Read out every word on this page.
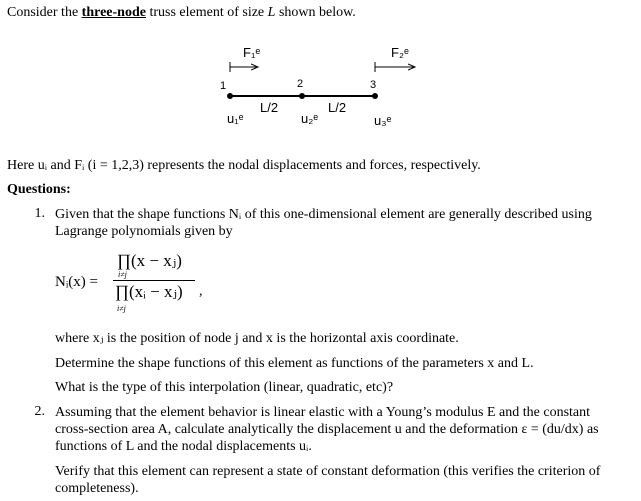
Consider the three-node truss element of size L shown below.
F₁ᵉ	F₂ᵉ
1	2	3
L/2	L/2
u₁ᵉ	u₂ᵉ	u₃ᵉ
Here uᵢ and Fᵢ (i = 1,2,3) represents the nodal displacements and forces, respectively.
Questions:
1. Given that the shape functions Nᵢ of this one-dimensional element are generally described using
Lagrange polynomials given by
Nᵢ(x) =
∏(x − xⱼ)
i≠j
∏(xᵢ − xⱼ) ,
i≠j
where xⱼ is the position of node j and x is the horizontal axis coordinate.
Determine the shape functions of this element as functions of the parameters x and L.
What is the type of this interpolation (linear, quadratic, etc)?
2. Assuming that the element behavior is linear elastic with a Young’s modulus E and the constant
cross-section area A, calculate analytically the displacement u and the deformation ε = (du/dx) as
functions of L and the nodal displacements uᵢ.
Verify that this element can represent a state of constant deformation (this verifies the criterion of
completeness).
